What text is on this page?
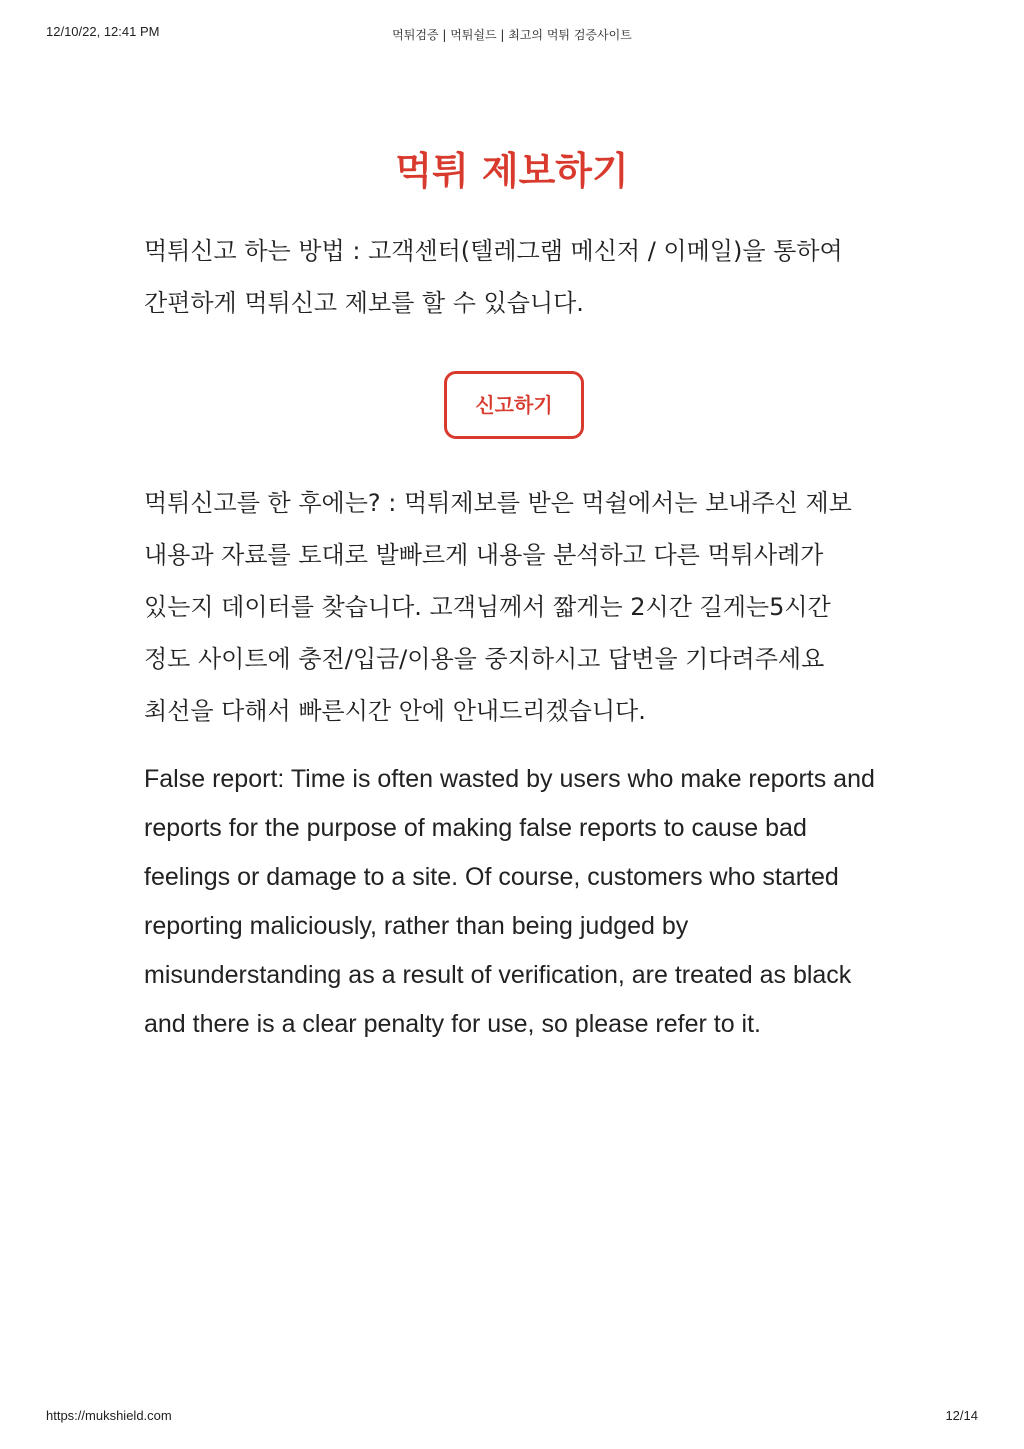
12/10/22, 12:41 PM	먹튀검증 | 먹튀쉴드 | 최고의 먹튀 검증사이트
먹튀 제보하기

먹튀신고 하는 방법 : 고객센터(텔레그램 메신저 / 이메일)을 통하여 간편하게 먹튀신고 제보를 할 수 있습니다.

신고하기

먹튀신고를 한 후에는? : 먹튀제보를 받은 먹쉴에서는 보내주신 제보 내용과 자료를 토대로 발빠르게 내용을 분석하고 다른 먹튀사례가 있는지 데이터를 찾습니다. 고객님께서 짧게는 2시간 길게는5시간 정도 사이트에 충전/입금/이용을 중지하시고 답변을 기다려주세요 최선을 다해서 빠른시간 안에 안내드리겠습니다.

False report: Time is often wasted by users who make reports and reports for the purpose of making false reports to cause bad feelings or damage to a site. Of course, customers who started reporting maliciously, rather than being judged by misunderstanding as a result of verification, are treated as black and there is a clear penalty for use, so please refer to it.

https://mukshield.com	12/14
